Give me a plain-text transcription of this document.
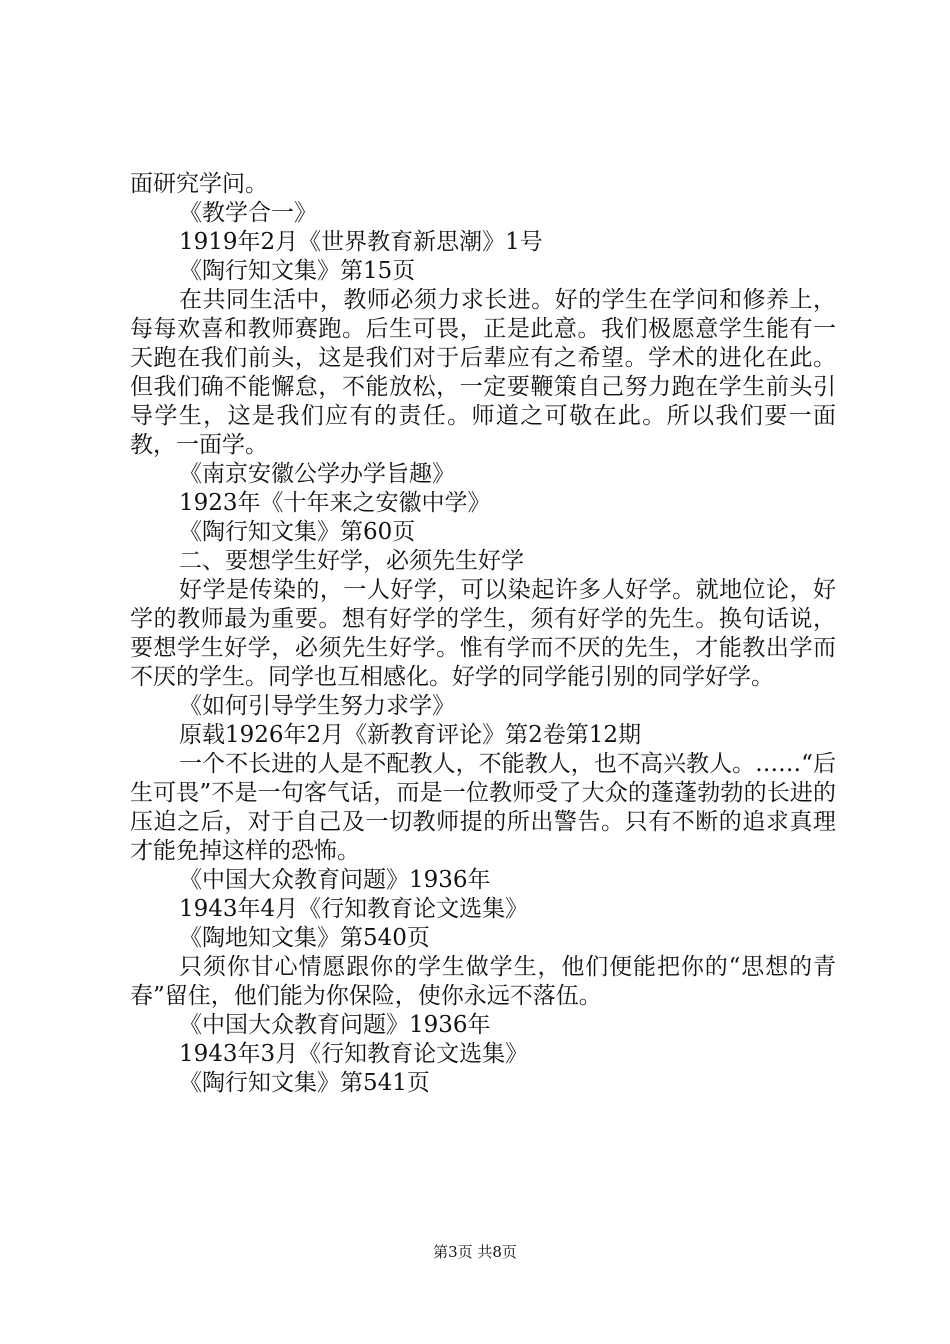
面研究学问。

《教学合一》

1919年2月《世界教育新思潮》1号

《陶行知文集》第15页

在共同生活中，教师必须力求长进。好的学生在学问和修养上，每每欢喜和教师赛跑。后生可畏，正是此意。我们极愿意学生能有一天跑在我们前头，这是我们对于后辈应有之希望。学术的进化在此。但我们确不能懈怠，不能放松，一定要鞭策自己努力跑在学生前头引导学生，这是我们应有的责任。师道之可敬在此。所以我们要一面教，一面学。

《南京安徽公学办学旨趣》

1923年《十年来之安徽中学》

《陶行知文集》第60页

二、要想学生好学，必须先生好学

好学是传染的，一人好学，可以染起许多人好学。就地位论，好学的教师最为重要。想有好学的学生，须有好学的先生。换句话说，要想学生好学，必须先生好学。惟有学而不厌的先生，才能教出学而不厌的学生。同学也互相感化。好学的同学能引别的同学好学。

《如何引导学生努力求学》

原载1926年2月《新教育评论》第2卷第12期

一个不长进的人是不配教人，不能教人，也不高兴教人。……“后生可畏”不是一句客气话，而是一位教师受了大众的蓬蓬勃勃的长进的压迫之后，对于自己及一切教师提的所出警告。只有不断的追求真理才能免掉这样的恐怖。

《中国大众教育问题》1936年

1943年4月《行知教育论文选集》

《陶地知文集》第540页

只须你甘心情愿跟你的学生做学生，他们便能把你的“思想的青春”留住，他们能为你保险，使你永远不落伍。

《中国大众教育问题》1936年

1943年3月《行知教育论文选集》

《陶行知文集》第541页

第3页 共8页
